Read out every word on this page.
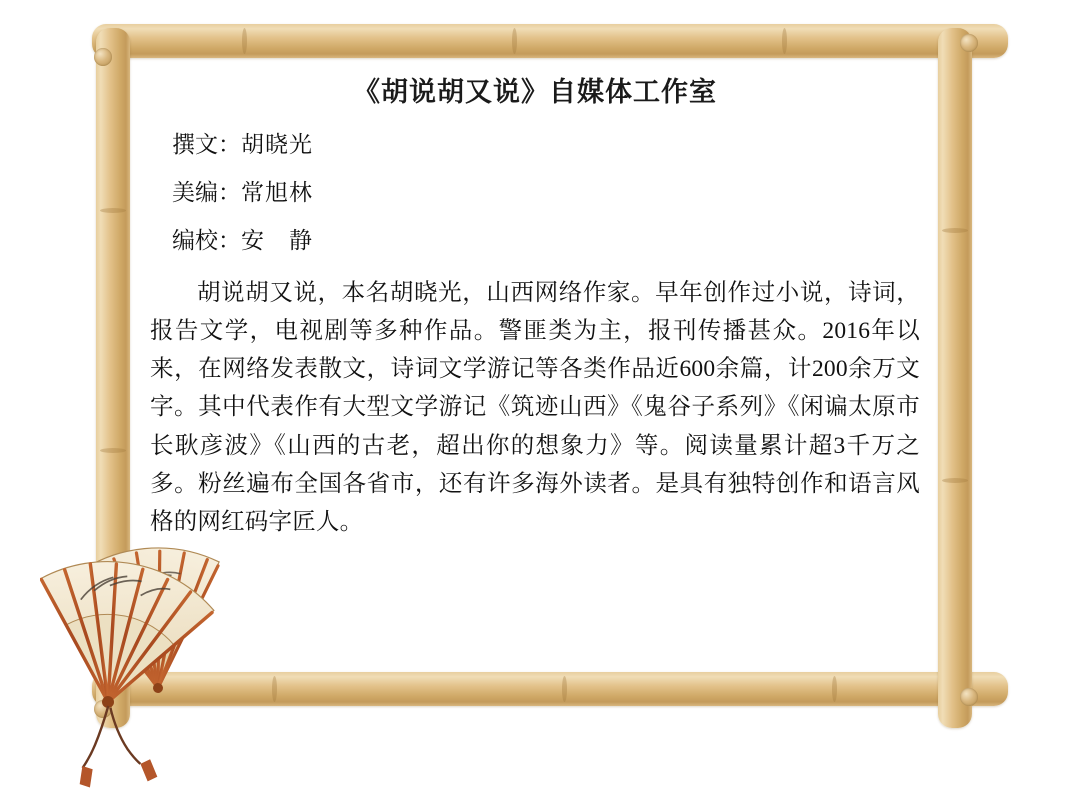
《胡说胡又说》自媒体工作室

撰文：胡晓光

美编：常旭林

编校：安　静

胡说胡又说，本名胡晓光，山西网络作家。早年创作过小说，诗词，报告文学，电视剧等多种作品。警匪类为主，报刊传播甚众。2016年以来，在网络发表散文，诗词文学游记等各类作品近600余篇，计200余万文字。其中代表作有大型文学游记《筑迹山西》《鬼谷子系列》《闲谝太原市长耿彦波》《山西的古老，超出你的想象力》等。阅读量累计超3千万之多。粉丝遍布全国各省市，还有许多海外读者。是具有独特创作和语言风格的网红码字匠人。
